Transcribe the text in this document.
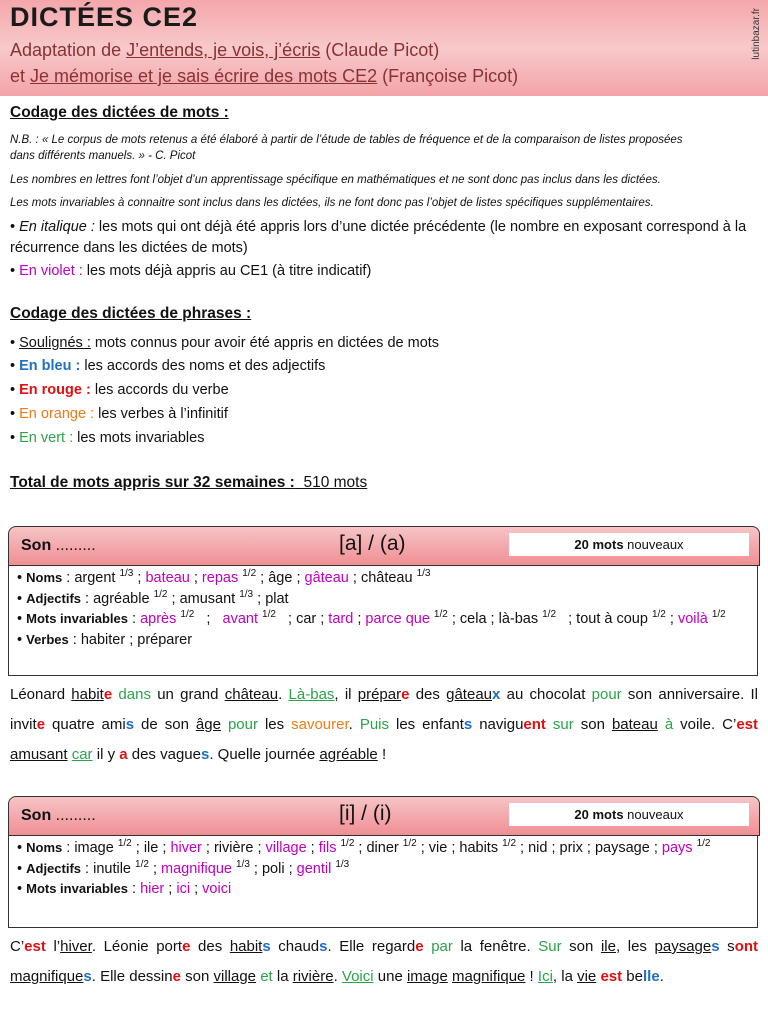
DICTÉES CE2
Adaptation de J’entends, je vois, j’écris (Claude Picot)
et Je mémorise et je sais écrire des mots CE2 (Françoise Picot)
lutinbazar.fr
Codage des dictées de mots :
N.B. : « Le corpus de mots retenus a été élaboré à partir de l’étude de tables de fréquence et de la comparaison de listes proposées
dans différents manuels. » - C. Picot
Les nombres en lettres font l’objet d’un apprentissage spécifique en mathématiques et ne sont donc pas inclus dans les dictées.
Les mots invariables à connaitre sont inclus dans les dictées, ils ne font donc pas l’objet de listes spécifiques supplémentaires.
• En italique : les mots qui ont déjà été appris lors d’une dictée précédente (le nombre en exposant correspond à la récurrence dans les dictées de mots)
• En violet : les mots déjà appris au CE1 (à titre indicatif)
Codage des dictées de phrases :
• Soulignés : mots connus pour avoir été appris en dictées de mots
• En bleu : les accords des noms et des adjectifs
• En rouge : les accords du verbe
• En orange : les verbes à l’infinitif
• En vert : les mots invariables
Total de mots appris sur 32 semaines : 510 mots
Son .........	[a] / (a)	20 mots nouveaux
• Noms : argent $^{1/3}$ ; bateau ; repas $^{1/2}$ ; âge ; gâteau ; château $^{1/3}$
• Adjectifs : agréable $^{1/2}$ ; amusant $^{1/3}$ ; plat
• Mots invariables : après $^{1/2}$   ;   avant $^{1/2}$   ; car ; tard ; parce que $^{1/2}$ ; cela ; là-bas $^{1/2}$   ; tout à coup $^{1/2}$ ; voilà $^{1/2}$
• Verbes : habiter ; préparer
Léonard habite dans un grand château. Là-bas, il prépare des gâteaux au chocolat pour son anniversaire. Il invite quatre amis de son âge pour les savourer. Puis les enfants naviguent sur son bateau à voile. C’est amusant car il y a des vagues. Quelle journée agréable !
Son .........	[i] / (i)	20 mots nouveaux
• Noms : image $^{1/2}$ ; ile ; hiver ; rivière ; village ; fils $^{1/2}$ ; diner $^{1/2}$ ; vie ; habits $^{1/2}$ ; nid ; prix ; paysage ; pays $^{1/2}$
• Adjectifs : inutile $^{1/2}$ ; magnifique $^{1/3}$ ; poli ; gentil $^{1/3}$
• Mots invariables : hier ; ici ; voici
C’est l’hiver. Léonie porte des habits chauds. Elle regarde par la fenêtre. Sur son ile, les paysages sont magnifiques. Elle dessine son village et la rivière. Voici une image magnifique ! Ici, la vie est belle.
